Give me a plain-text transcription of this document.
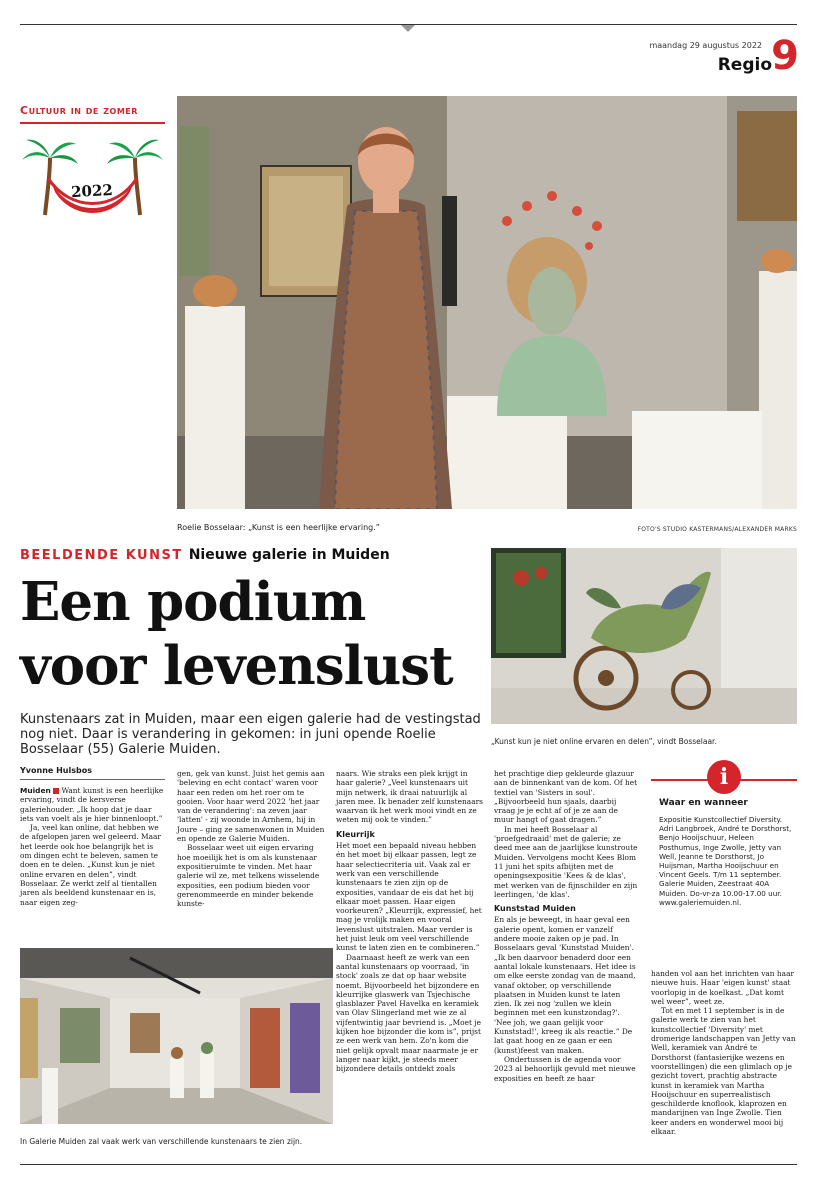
maandag 29 augustus 2022
Regio 9
Cultuur in de zomer
2022
Roelie Bosselaar: „Kunst is een heerlijke ervaring.”	FOTO'S STUDIO KASTERMANS/ALEXANDER MARKS
BEELDENDE KUNST Nieuwe galerie in Muiden
Een podium
voor levenslust
Kunstenaars zat in Muiden, maar een eigen galerie had de vestingstad nog niet. Daar is verandering in gekomen: in juni opende Roelie Bosselaar (55) Galerie Muiden.
„Kunst kun je niet online ervaren en delen”, vindt Bosselaar.
Yvonne Hulsbos

Muiden Want kunst is een heerlijke ervaring, vindt de kersverse galeriehouder. „Ik hoop dat je daar iets van voelt als je hier binnenloopt.”

Ja, veel kan online, dat hebben we de afgelopen jaren wel geleerd. Maar het leerde ook hoe belangrijk het is om dingen echt te beleven, samen te doen en te delen. „Kunst kun je niet online ervaren en delen”, vindt Bosselaar. Ze werkt zelf al tientallen jaren als beeldend kunstenaar en is, naar eigen zeg-

gen, gek van kunst. Juist het gemis aan 'beleving en echt contact' waren voor haar een reden om het roer om te gooien. Voor haar werd 2022 'het jaar van de verandering': na zeven jaar 'latten' - zij woonde in Arnhem, hij in Joure – ging ze samenwonen in Muiden en opende ze Galerie Muiden.

Bosselaar weet uit eigen ervaring hoe moeilijk het is om als kunstenaar expositieruimte te vinden. Met haar galerie wil ze, met telkens wisselende exposities, een podium bieden voor gerenommeerde en minder bekende kunste-

In Galerie Muiden zal vaak werk van verschillende kunstenaars te zien zijn.

naars. Wie straks een plek krijgt in haar galerie? „Veel kunstenaars uit mijn netwerk, ik draai natuurlijk al jaren mee. Ik benader zelf kunstenaars waarvan ik het werk mooi vindt en ze weten mij ook te vinden.”

Kleurrijk

Het moet een bepaald niveau hebben én het moet bij elkaar passen, legt ze haar selectiecriteria uit. Vaak zal er werk van een verschillende kunstenaars te zien zijn op de exposities, vandaar de eis dat het bij elkaar moet passen. Haar eigen voorkeuren? „Kleurrijk, expressief, het mag je vrolijk maken en vooral levenslust uitstralen. Maar verder is het juist leuk om veel verschillende kunst te laten zien en te combineren.”

Daarnaast heeft ze werk van een aantal kunstenaars op voorraad, 'in stock' zoals ze dat op haar website noemt. Bijvoorbeeld het bijzondere en kleurrijke glaswerk van Tsjechische glasblazer Pavel Havelka en keramiek van Olav Slingerland met wie ze al vijfentwintig jaar bevriend is. „Moet je kijken hoe bijzonder die kom is”, prijst ze een werk van hem. Zo'n kom die niet gelijk opvalt maar naarmate je er langer naar kijkt, je steeds meer bijzondere details ontdekt zoals

het prachtige diep gekleurde glazuur aan de binnenkant van de kom. Of het textiel van 'Sisters in soul'. „Bijvoorbeeld hun sjaals, daarbij vraag je je echt af of je ze aan de muur hangt of gaat dragen.”

In mei heeft Bosselaar al 'proefgedraaid' met de galerie; ze deed mee aan de jaarlijkse kunstroute Muiden. Vervolgens mocht Kees Blom 11 juni het spits afbijten met de openingsexpositie 'Kees & de klas', met werken van de fijnschilder en zijn leerlingen, 'de klas'.

Kunststad Muiden

En als je beweegt, in haar geval een galerie opent, komen er vanzelf andere mooie zaken op je pad. In Bosselaars geval 'Kunststad Muiden'. „Ik ben daarvoor benaderd door een aantal lokale kunstenaars. Het idee is om elke eerste zondag van de maand, vanaf oktober, op verschillende plaatsen in Muiden kunst te laten zien. Ik zei nog 'zullen we klein beginnen met een kunstzondag?'. 'Nee joh, we gaan gelijk voor Kunststad!', kreeg ik als reactie.” De lat gaat hoog en ze gaan er een (kunst)feest van maken.

Ondertussen is de agenda voor 2023 al behoorlijk gevuld met nieuwe exposities en heeft ze haar

i
Waar en wanneer
Expositie Kunstcollectief Diversity. Adri Langbroek, André te Dorsthorst, Benjo Hooijschuur, Heleen Posthumus, Inge Zwolle, Jetty van Well, Jeanne te Dorsthorst, Jo Huijsman, Martha Hooijschuur en Vincent Geels. T/m 11 september. Galerie Muiden, Zeestraat 40A Muiden. Do-vr-za 10.00-17.00 uur. www.galeriemuiden.nl.

handen vol aan het inrichten van haar nieuwe huis. Haar 'eigen kunst' staat voorlopig in de koelkast. „Dat komt wel weer”, weet ze.

Tot en met 11 september is in de galerie werk te zien van het kunstcollectief 'Diversity' met dromerige landschappen van Jetty van Well, keramiek van André te Dorsthorst (fantasierijke wezens en voorstellingen) die een glimlach op je gezicht tovert, prachtig abstracte kunst in keramiek van Martha Hooijschuur en superrealistisch geschilderde knoflook, klaprozen en mandarijnen van Inge Zwolle. Tien keer anders en wonderwel mooi bij elkaar.
